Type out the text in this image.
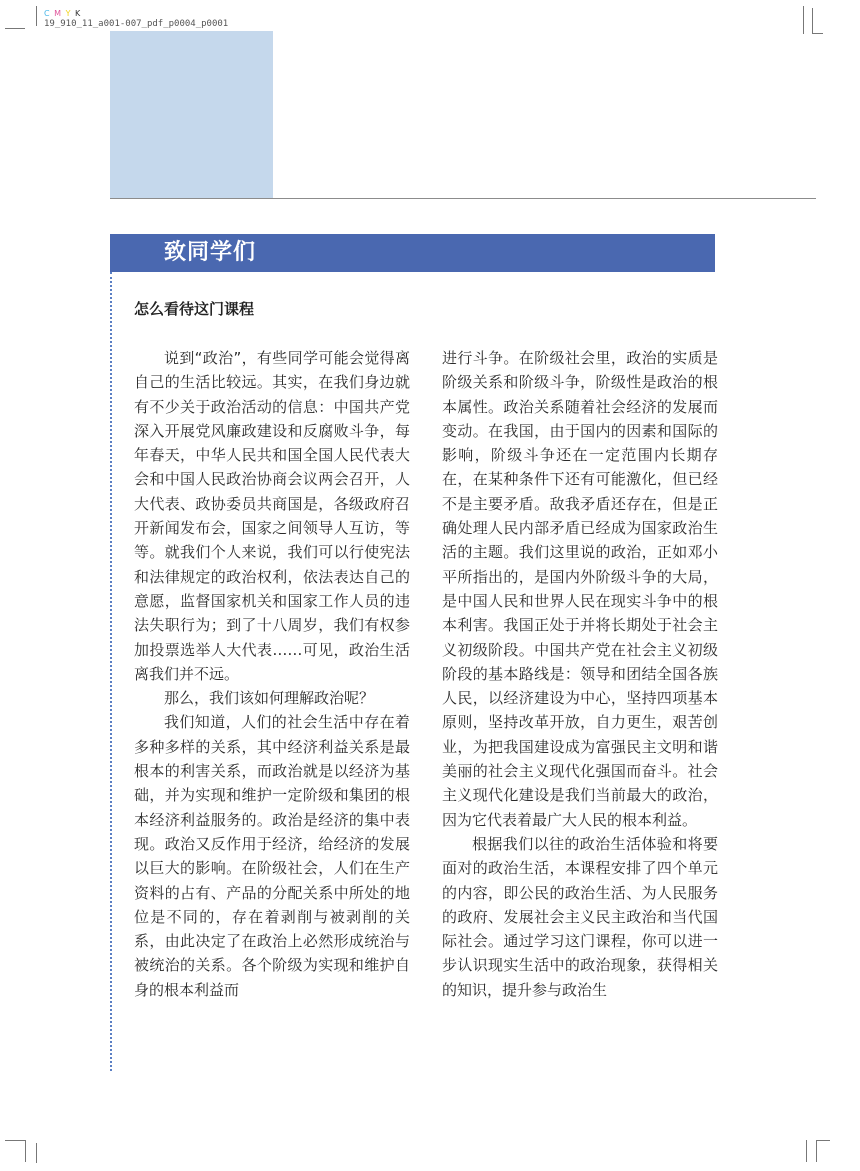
C M Y K
19_910_11_a001-007_pdf_p0004_p0001
致同学们
怎么看待这门课程

说到“政治”，有些同学可能会觉得离自己的生活比较远。其实，在我们身边就有不少关于政治活动的信息：中国共产党深入开展党风廉政建设和反腐败斗争，每年春天，中华人民共和国全国人民代表大会和中国人民政治协商会议两会召开，人大代表、政协委员共商国是，各级政府召开新闻发布会，国家之间领导人互访，等等。就我们个人来说，我们可以行使宪法和法律规定的政治权利，依法表达自己的意愿，监督国家机关和国家工作人员的违法失职行为；到了十八周岁，我们有权参加投票选举人大代表……可见，政治生活离我们并不远。

那么，我们该如何理解政治呢？

我们知道，人们的社会生活中存在着多种多样的关系，其中经济利益关系是最根本的利害关系，而政治就是以经济为基础，并为实现和维护一定阶级和集团的根本经济利益服务的。政治是经济的集中表现。政治又反作用于经济，给经济的发展以巨大的影响。在阶级社会，人们在生产资料的占有、产品的分配关系中所处的地位是不同的，存在着剥削与被剥削的关系，由此决定了在政治上必然形成统治与被统治的关系。各个阶级为实现和维护自身的根本利益而

进行斗争。在阶级社会里，政治的实质是阶级关系和阶级斗争，阶级性是政治的根本属性。政治关系随着社会经济的发展而变动。在我国，由于国内的因素和国际的影响，阶级斗争还在一定范围内长期存在，在某种条件下还有可能激化，但已经不是主要矛盾。敌我矛盾还存在，但是正确处理人民内部矛盾已经成为国家政治生活的主题。我们这里说的政治，正如邓小平所指出的，是国内外阶级斗争的大局，是中国人民和世界人民在现实斗争中的根本利害。我国正处于并将长期处于社会主义初级阶段。中国共产党在社会主义初级阶段的基本路线是：领导和团结全国各族人民，以经济建设为中心，坚持四项基本原则，坚持改革开放，自力更生，艰苦创业，为把我国建设成为富强民主文明和谐美丽的社会主义现代化强国而奋斗。社会主义现代化建设是我们当前最大的政治，因为它代表着最广大人民的根本利益。

根据我们以往的政治生活体验和将要面对的政治生活，本课程安排了四个单元的内容，即公民的政治生活、为人民服务的政府、发展社会主义民主政治和当代国际社会。通过学习这门课程，你可以进一步认识现实生活中的政治现象，获得相关的知识，提升参与政治生
